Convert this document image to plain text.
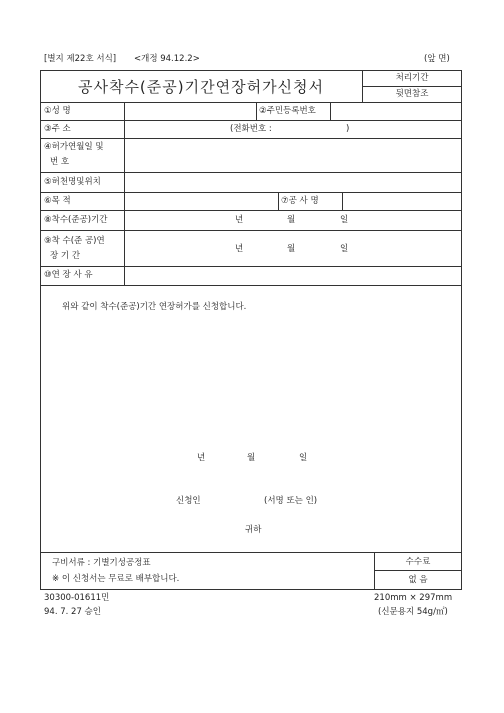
[별지 제22호 서식] <개정 94.12.2>	(앞 면)
공사착수(준공)기간연장허가신청서	처리기간
뒷면참조
①성 명	②주민등록번호
③주 소	(전화번호 :	)
④허가연월일 및
번 호
⑤허천명및위치
⑥목 적	⑦공 사 명
⑧착수(준공)기간	년	월	일
⑨착 수(준 공)연
장 기 간
년	월	일
⑩연 장 사 유
위와 같이 착수(준공)기간 연장허가를 신청합니다.
년	월	일
신청인	(서명 또는 인)
귀하
구비서류 : 기별기성공정표
※ 이 신청서는 무료로 배부합니다.
수수료
없 음
30300-01611민	210mm × 297mm
94. 7. 27 승인	(신문용지 54g/㎡)
